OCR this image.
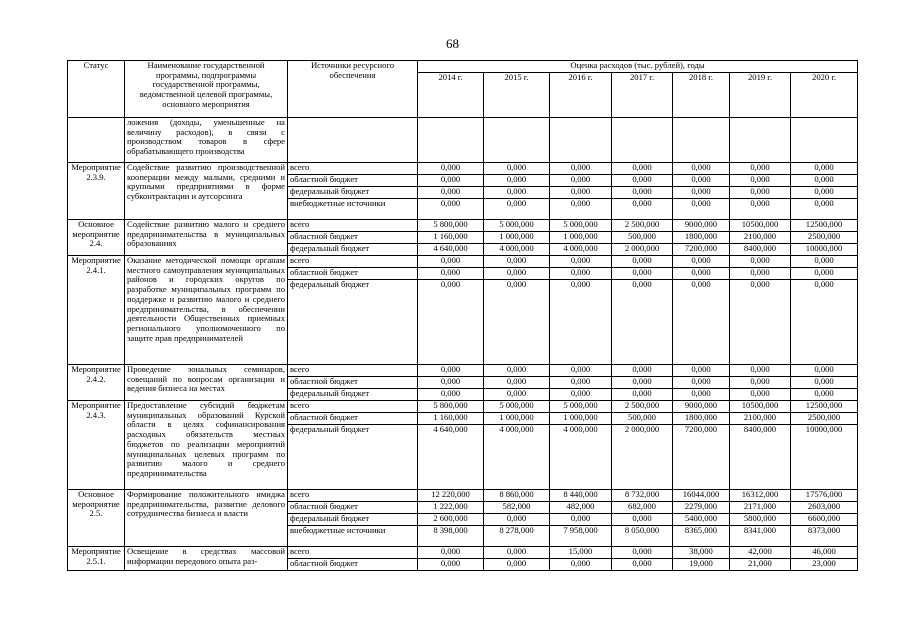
68
Статус	Наименование государственной программы, подпрограммы государственной программы, ведомственной целевой программы, основного мероприятия	Источники ресурсного обеспечения	Оценка расходов (тыс. рублей), годы						
			2014 г.	2015 г.	2016 г.	2017 г.	2018 г.	2019 г.	2020 г.
	ложения (доходы, уменьшенные на величину расходов), в связи с производством товаров в сфере обрабатывающего производства								
Мероприятие 2.3.9.	Содействие развитию производственной кооперации между малыми, средними и крупными предприятиями в форме субконтрактации и аутсорсинга	всего	0,000	0,000	0,000	0,000	0,000	0,000	0,000
		областной бюджет	0,000	0,000	0,000	0,000	0,000	0,000	0,000
		федеральный бюджет	0,000	0,000	0,000	0,000	0,000	0,000	0,000
		внебюджетные источники	0,000	0,000	0,000	0,000	0,000	0,000	0,000
Основное мероприятие 2.4.	Содействие развитию малого и среднего предпринимательства в муниципальных образованиях	всего	5 800,000	5 000,000	5 000,000	2 500,000	9000,000	10500,000	12500,000
		областной бюджет	1 160,000	1 000,000	1 000,000	500,000	1800,000	2100,000	2500,000
		федеральный бюджет	4 640,000	4 000,000	4 000,000	2 000,000	7200,000	8400,000	10000,000
Мероприятие 2.4.1.	Оказание методической помощи органам местного самоуправления муниципальных районов и городских округов по разработке муниципальных программ по поддержке и развитию малого и среднего предпринимательства, в обеспечении деятельности Общественных приемных регионального уполномоченного по защите прав предпринимателей	всего	0,000	0,000	0,000	0,000	0,000	0,000	0,000
		областной бюджет	0,000	0,000	0,000	0,000	0,000	0,000	0,000
		федеральный бюджет	0,000	0,000	0,000	0,000	0,000	0,000	0,000
Мероприятие 2.4.2.	Проведение зональных семинаров, совещаний по вопросам организации и ведения бизнеса на местах	всего	0,000	0,000	0,000	0,000	0,000	0,000	0,000
		областной бюджет	0,000	0,000	0,000	0,000	0,000	0,000	0,000
		федеральный бюджет	0,000	0,000	0,000	0,000	0,000	0,000	0,000
Мероприятие 2.4.3.	Предоставление субсидий бюджетам муниципальных образований Курской области в целях софинансирования расходных обязательств местных бюджетов по реализации мероприятий муниципальных целевых программ по развитию малого и среднего предпринимательства	всего	5 800,000	5 000,000	5 000,000	2 500,000	9000,000	10500,000	12500,000
		областной бюджет	1 160,000	1 000,000	1 000,000	500,000	1800,000	2100,000	2500,000
		федеральный бюджет	4 640,000	4 000,000	4 000,000	2 000,000	7200,000	8400,000	10000,000
Основное мероприятие 2.5.	Формирование положительного имиджа предпринимательства, развитие делового сотрудничества бизнеса и власти	всего	12 220,000	8 860,000	8 440,000	8 732,000	16044,000	16312,000	17576,000
		областной бюджет	1 222,000	582,000	482,000	682,000	2279,000	2171,000	2603,000
		федеральный бюджет	2 600,000	0,000	0,000	0,000	5400,000	5800,000	6600,000
		внебюджетные источники	8 398,000	8 278,000	7 958,000	8 050,000	8365,000	8341,000	8373,000
Мероприятие 2.5.1.	Освещение в средствах массовой информации передового опыта раз-	всего	0,000	0,000	15,000	0,000	38,000	42,000	46,000
		областной бюджет	0,000	0,000	0,000	0,000	19,000	21,000	23,000
